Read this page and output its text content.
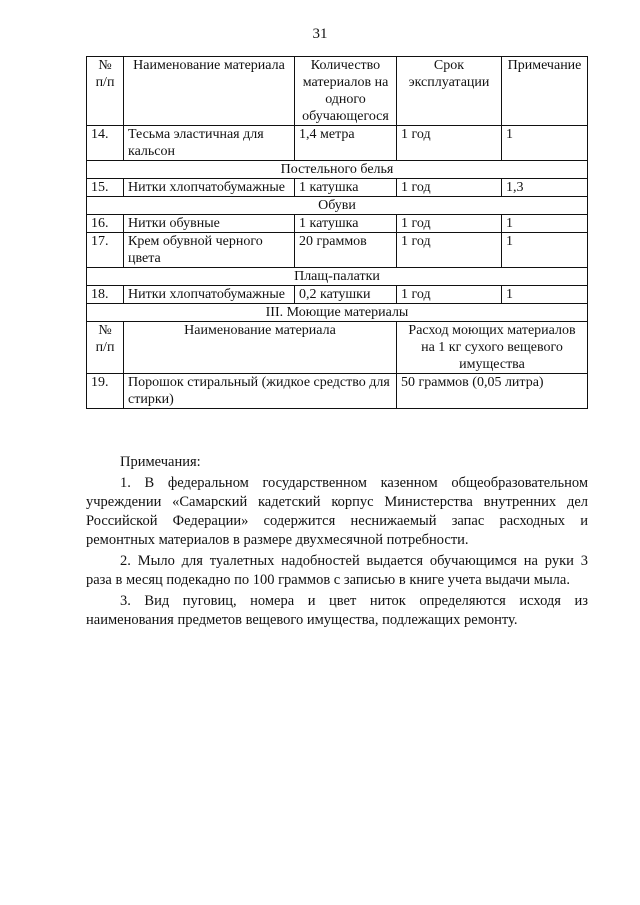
31
№ п/п	Наименование материала	Количество материалов на одного обучающегося	Срок эксплуатации	Примечание
14.	Тесьма эластичная для кальсон	1,4 метра	1 год	1
Постельного белья				
15.	Нитки хлопчатобумажные	1 катушка	1 год	1,3
Обуви				
16.	Нитки обувные	1 катушка	1 год	1
17.	Крем обувной черного цвета	20 граммов	1 год	1
Плащ-палатки				
18.	Нитки хлопчатобумажные	0,2 катушки	1 год	1
III. Моющие материалы				
№ п/п	Наименование материала		Расход моющих материалов на 1 кг сухого вещевого имущества	
19.	Порошок стиральный (жидкое средство для стирки)		50 граммов (0,05 литра)	

Примечания:

1. В федеральном государственном казенном общеобразовательном учреждении «Самарский кадетский корпус Министерства внутренних дел Российской Федерации» содержится неснижаемый запас расходных и ремонтных материалов в размере двухмесячной потребности.

2. Мыло для туалетных надобностей выдается обучающимся на руки 3 раза в месяц подекадно по 100 граммов с записью в книге учета выдачи мыла.

3. Вид пуговиц, номера и цвет ниток определяются исходя из наименования предметов вещевого имущества, подлежащих ремонту.
